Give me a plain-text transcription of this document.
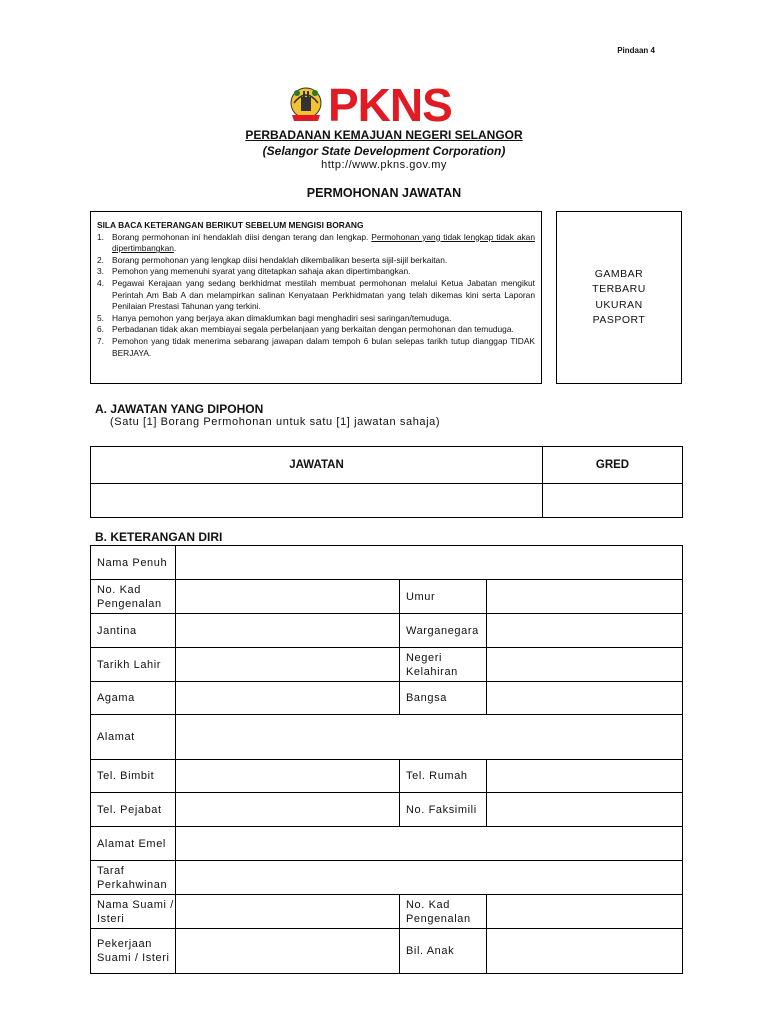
Pindaan 4
PKNS
PERBADANAN KEMAJUAN NEGERI SELANGOR
(Selangor State Development Corporation)
http://www.pkns.gov.my
PERMOHONAN JAWATAN
SILA BACA KETERANGAN BERIKUT SEBELUM MENGISI BORANG
1. Borang permohonan ini hendaklah diisi dengan terang dan lengkap. Permohonan yang tidak lengkap tidak akan dipertimbangkan.
2. Borang permohonan yang lengkap diisi hendaklah dikembalikan beserta sijil-sijil berkaitan.
3. Pemohon yang memenuhi syarat yang ditetapkan sahaja akan dipertimbangkan.
4. Pegawai Kerajaan yang sedang berkhidmat mestilah membuat permohonan melalui Ketua Jabatan mengikut Perintah Am Bab A dan melampirkan salinan Kenyataan Perkhidmatan yang telah dikemas kini serta Laporan Penilaian Prestasi Tahunan yang terkini.
5. Hanya pemohon yang berjaya akan dimaklumkan bagi menghadiri sesi saringan/temuduga.
6. Perbadanan tidak akan membiayai segala perbelanjaan yang berkaitan dengan permohonan dan temuduga.
7. Pemohon yang tidak menerima sebarang jawapan dalam tempoh 6 bulan selepas tarikh tutup dianggap TIDAK BERJAYA.
GAMBAR
TERBARU
UKURAN
PASPORT
A. JAWATAN YANG DIPOHON
(Satu [1] Borang Permohonan untuk satu [1] jawatan sahaja)
JAWATAN	GRED

B. KETERANGAN DIRI
Nama Penuh			
No. Kad Pengenalan		Umur	
Jantina		Warganegara	
Tarikh Lahir		Negeri Kelahiran	
Agama		Bangsa	
Alamat			
Tel. Bimbit		Tel. Rumah	
Tel. Pejabat		No. Faksimili	
Alamat Emel			
Taraf Perkahwinan			
Nama Suami / Isteri		No. Kad Pengenalan	
Pekerjaan Suami / Isteri		Bil. Anak	
